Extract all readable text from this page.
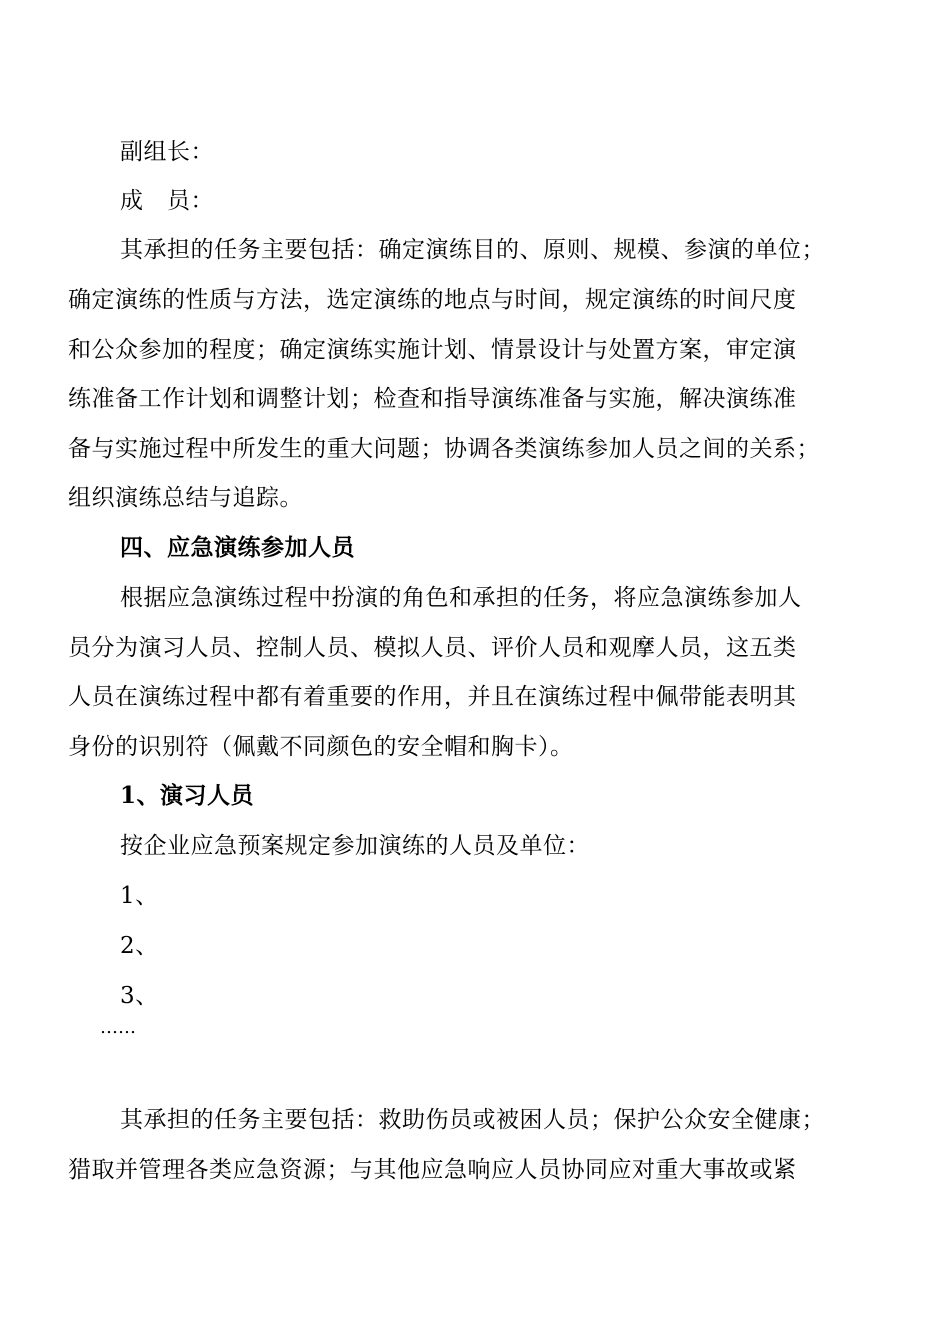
副组长：
成　员：
其承担的任务主要包括：确定演练目的、原则、规模、参演的单位；
确定演练的性质与方法，选定演练的地点与时间，规定演练的时间尺度
和公众参加的程度；确定演练实施计划、情景设计与处置方案，审定演
练准备工作计划和调整计划；检查和指导演练准备与实施，解决演练准
备与实施过程中所发生的重大问题；协调各类演练参加人员之间的关系；
组织演练总结与追踪。
四、应急演练参加人员
根据应急演练过程中扮演的角色和承担的任务，将应急演练参加人
员分为演习人员、控制人员、模拟人员、评价人员和观摩人员，这五类
人员在演练过程中都有着重要的作用，并且在演练过程中佩带能表明其
身份的识别符（佩戴不同颜色的安全帽和胸卡）。
1、演习人员
按企业应急预案规定参加演练的人员及单位：
1、
2、
3、
……
其承担的任务主要包括：救助伤员或被困人员；保护公众安全健康；
猎取并管理各类应急资源；与其他应急响应人员协同应对重大事故或紧
